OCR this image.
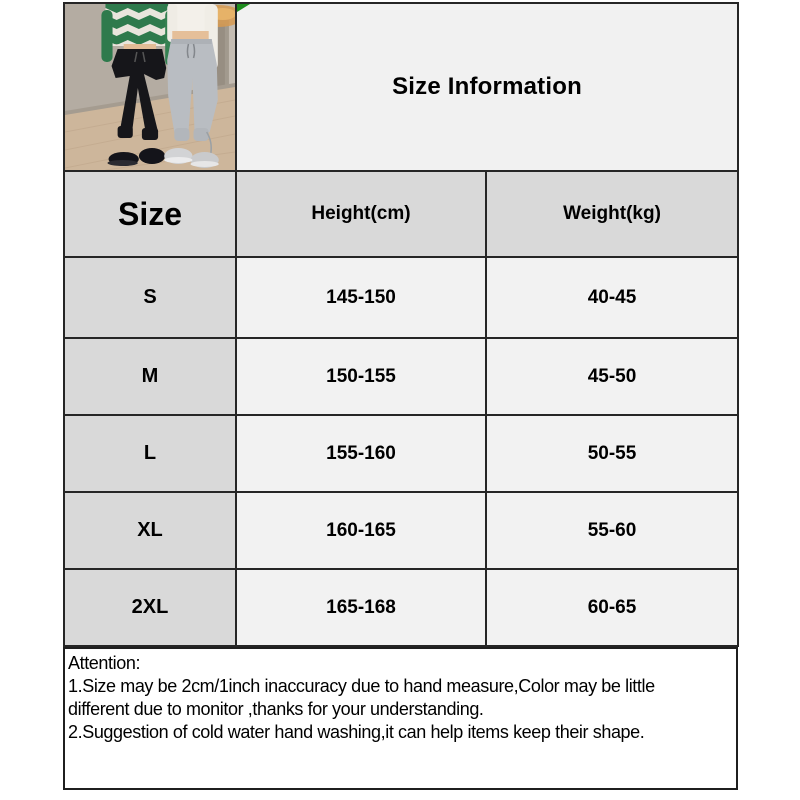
Size Information	
Size	Height(cm)	Weight(kg)
S	145-150	40-45
M	150-155	45-50
L	155-160	50-55
XL	160-165	55-60
2XL	165-168	60-65
Attention:
1.Size may be 2cm/1inch inaccuracy due to hand measure,Color may be little
different due to monitor ,thanks for your understanding.
2.Suggestion of cold water hand washing,it can help items keep their shape.
